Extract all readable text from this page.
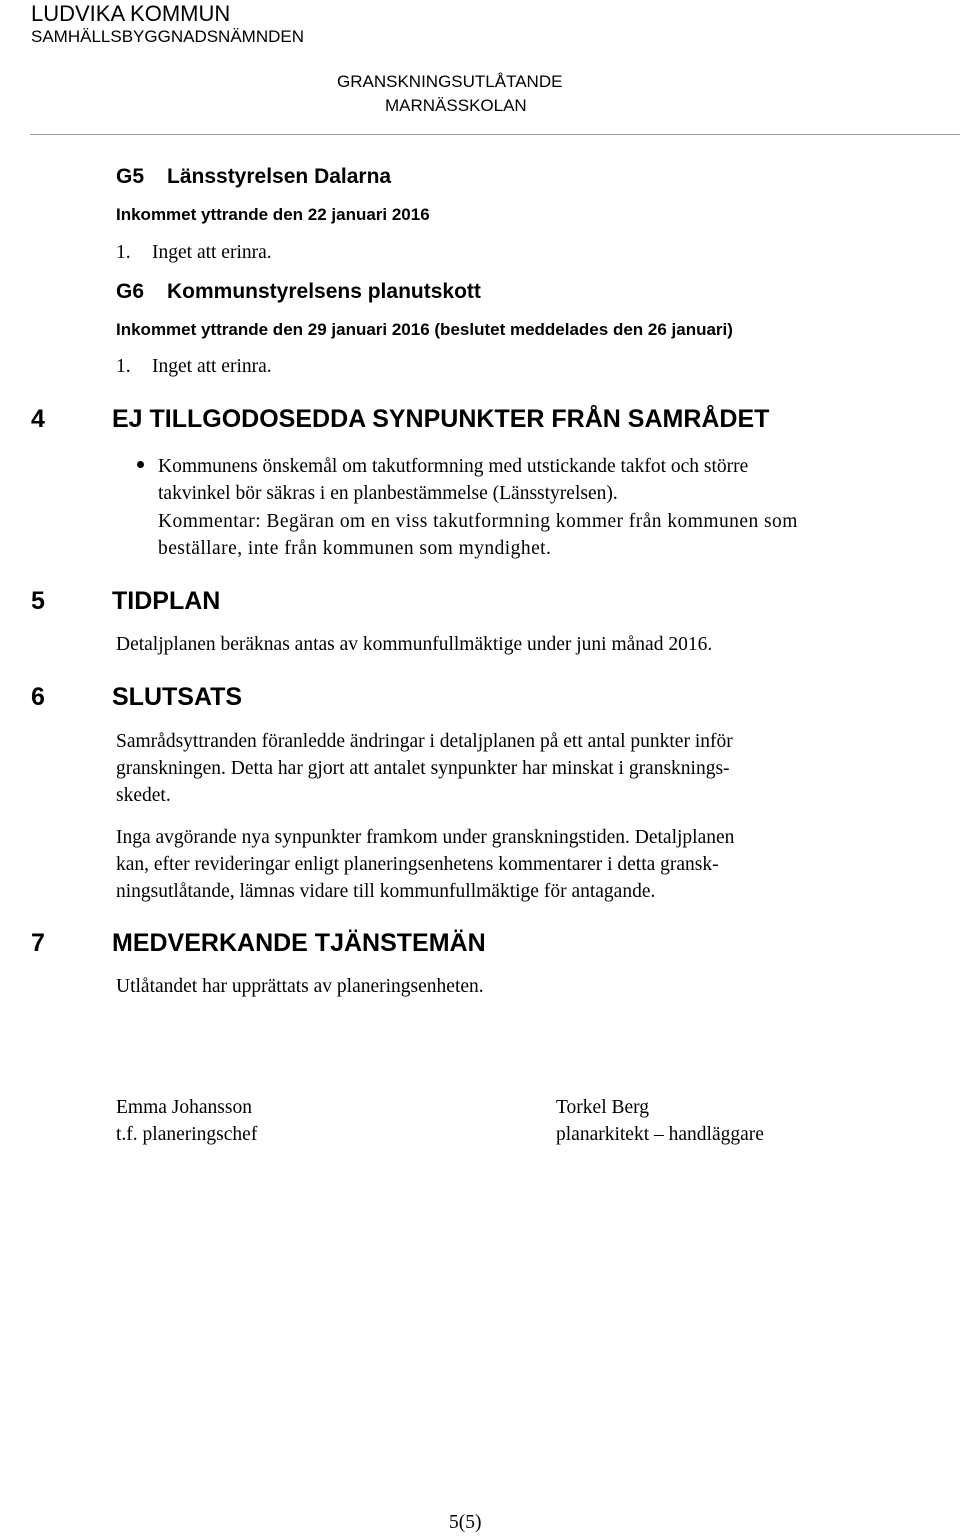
LUDVIKA KOMMUN
SAMHÄLLSBYGGNADSNÄMNDEN
GRANSKNINGSUTLÅTANDE
MARNÄSSKOLAN
G5 Länsstyrelsen Dalarna
Inkommet yttrande den 22 januari 2016
1. Inget att erinra.
G6 Kommunstyrelsens planutskott
Inkommet yttrande den 29 januari 2016 (beslutet meddelades den 26 januari)
1. Inget att erinra.
4	EJ TILLGODOSEDDA SYNPUNKTER FRÅN SAMRÅDET
Kommunens önskemål om takutformning med utstickande takfot och större
takvinkel bör säkras i en planbestämmelse (Länsstyrelsen).
Kommentar: Begäran om en viss takutformning kommer från kommunen som
beställare, inte från kommunen som myndighet.
5	TIDPLAN
Detaljplanen beräknas antas av kommunfullmäktige under juni månad 2016.
6	SLUTSATS
Samrådsyttranden föranledde ändringar i detaljplanen på ett antal punkter inför
granskningen. Detta har gjort att antalet synpunkter har minskat i gransknings-
skedet.
Inga avgörande nya synpunkter framkom under granskningstiden. Detaljplanen
kan, efter revideringar enligt planeringsenhetens kommentarer i detta gransk-
ningsutlåtande, lämnas vidare till kommunfullmäktige för antagande.
7	MEDVERKANDE TJÄNSTEMÄN
Utlåtandet har upprättats av planeringsenheten.
Emma Johansson
t.f. planeringschef
Torkel Berg
planarkitekt – handläggare
5(5)
